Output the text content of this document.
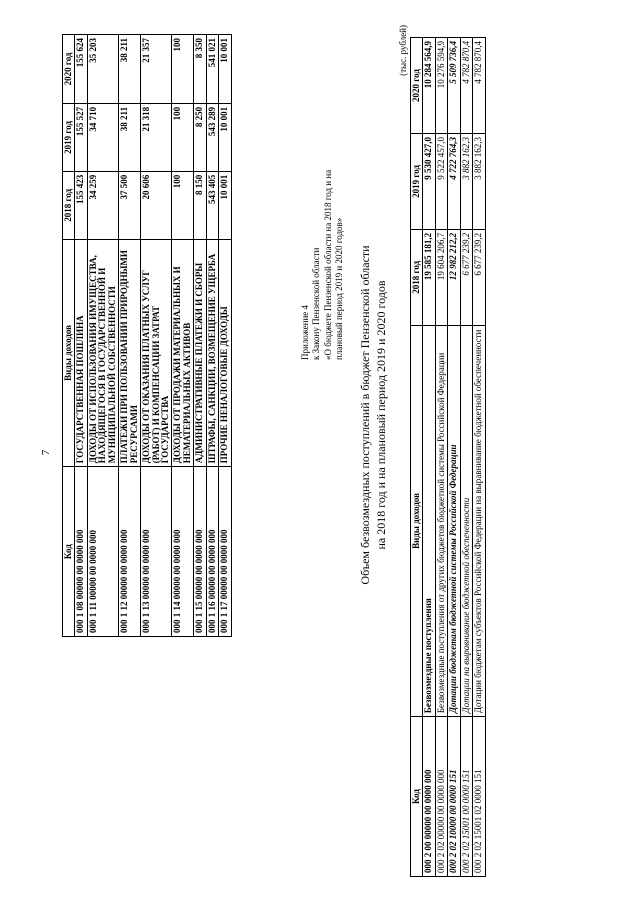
7
Код	Виды доходов	2018 год	2019 год	2020 год
000 1 08 00000 00 0000 000	ГОСУДАРСТВЕННАЯ ПОШЛИНА	155 423	155 527	155 624
000 1 11 00000 00 0000 000	ДОХОДЫ ОТ ИСПОЛЬЗОВАНИЯ ИМУЩЕСТВА, НАХОДЯЩЕГОСЯ В ГОСУДАРСТВЕННОЙ И МУНИЦИПАЛЬНОЙ СОБСТВЕННОСТИ	34 259	34 710	35 203
000 1 12 00000 00 0000 000	ПЛАТЕЖИ ПРИ ПОЛЬЗОВАНИИ ПРИРОДНЫМИ РЕСУРСАМИ	37 500	38 211	38 211
000 1 13 00000 00 0000 000	ДОХОДЫ ОТ ОКАЗАНИЯ ПЛАТНЫХ УСЛУГ (РАБОТ) И КОМПЕНСАЦИИ ЗАТРАТ ГОСУДАРСТВА	20 606	21 318	21 357
000 1 14 00000 00 0000 000	ДОХОДЫ ОТ ПРОДАЖИ МАТЕРИАЛЬНЫХ И НЕМАТЕРИАЛЬНЫХ АКТИВОВ	100	100	100
000 1 15 00000 00 0000 000	АДМИНИСТРАТИВНЫЕ ПЛАТЕЖИ И СБОРЫ	8 150	8 250	8 350
000 1 16 00000 00 0000 000	ШТРАФЫ, САНКЦИИ, ВОЗМЕЩЕНИЕ УЩЕРБА	543 405	543 289	541 021
000 1 17 00000 00 0000 000	ПРОЧИЕ НЕНАЛОГОВЫЕ ДОХОДЫ	10 001	10 001	10 001
Приложение 4 к Закону Пензенской области «О бюджете Пензенской области на 2018 год и на плановый период 2019 и 2020 годов» Объем безвозмездных поступлений в бюджет Пензенской области на 2018 год и на плановый период 2019 и 2020 годов
(тыс. рублей)
Код	Виды доходов	2018 год	2019 год	2020 год
000 2 00 00000 00 0000 000	Безвозмездные поступления	19 585 181,2	9 530 427,0	10 284 564,9
000 2 02 00000 00 0000 000	Безвозмездные поступления от других бюджетов бюджетной системы Российской Федерации	19 604 206,7	9 522 457,0	10 276 594,9
000 2 02 10000 00 0000 151	Дотации бюджетам бюджетной системы Российской Федерации	12 982 212,2	4 722 764,3	5 509 736,4
000 2 02 15001 00 0000 151	Дотации на выравнивание бюджетной обеспеченности	6 677 239,2	3 882 162,3	4 782 870,4
000 2 02 15001 02 0000 151	Дотации бюджетам субъектов Российской Федерации на выравнивание бюджетной обеспеченности	6 677 239,2	3 882 162,3	4 782 870,4
